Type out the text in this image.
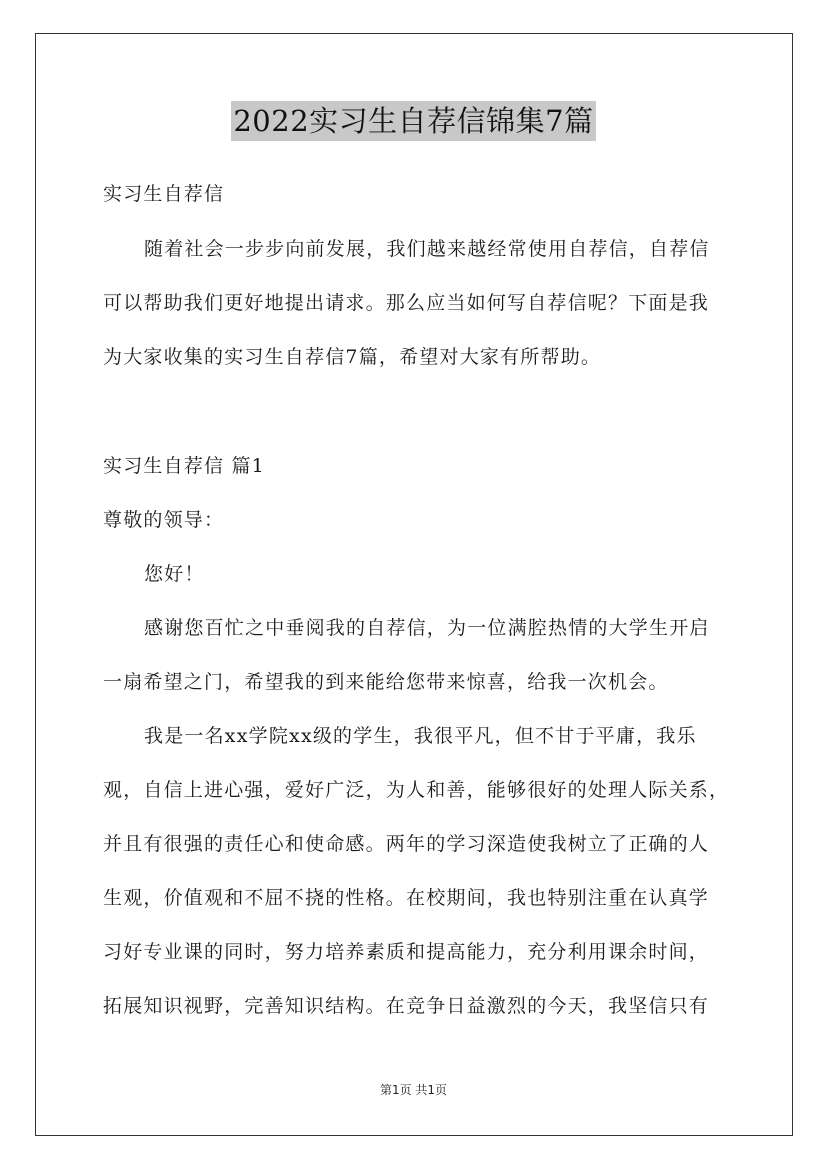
2022实习生自荐信锦集7篇
实习生自荐信
随着社会一步步向前发展，我们越来越经常使用自荐信，自荐信
可以帮助我们更好地提出请求。那么应当如何写自荐信呢？下面是我
为大家收集的实习生自荐信7篇，希望对大家有所帮助。
实习生自荐信 篇1
尊敬的领导：
您好！
感谢您百忙之中垂阅我的自荐信，为一位满腔热情的大学生开启
一扇希望之门，希望我的到来能给您带来惊喜，给我一次机会。
我是一名xx学院xx级的学生，我很平凡，但不甘于平庸，我乐
观，自信上进心强，爱好广泛，为人和善，能够很好的处理人际关系，
并且有很强的责任心和使命感。两年的学习深造使我树立了正确的人
生观，价值观和不屈不挠的性格。在校期间，我也特别注重在认真学
习好专业课的同时，努力培养素质和提高能力，充分利用课余时间，
拓展知识视野，完善知识结构。在竞争日益激烈的今天，我坚信只有
第1页 共1页
